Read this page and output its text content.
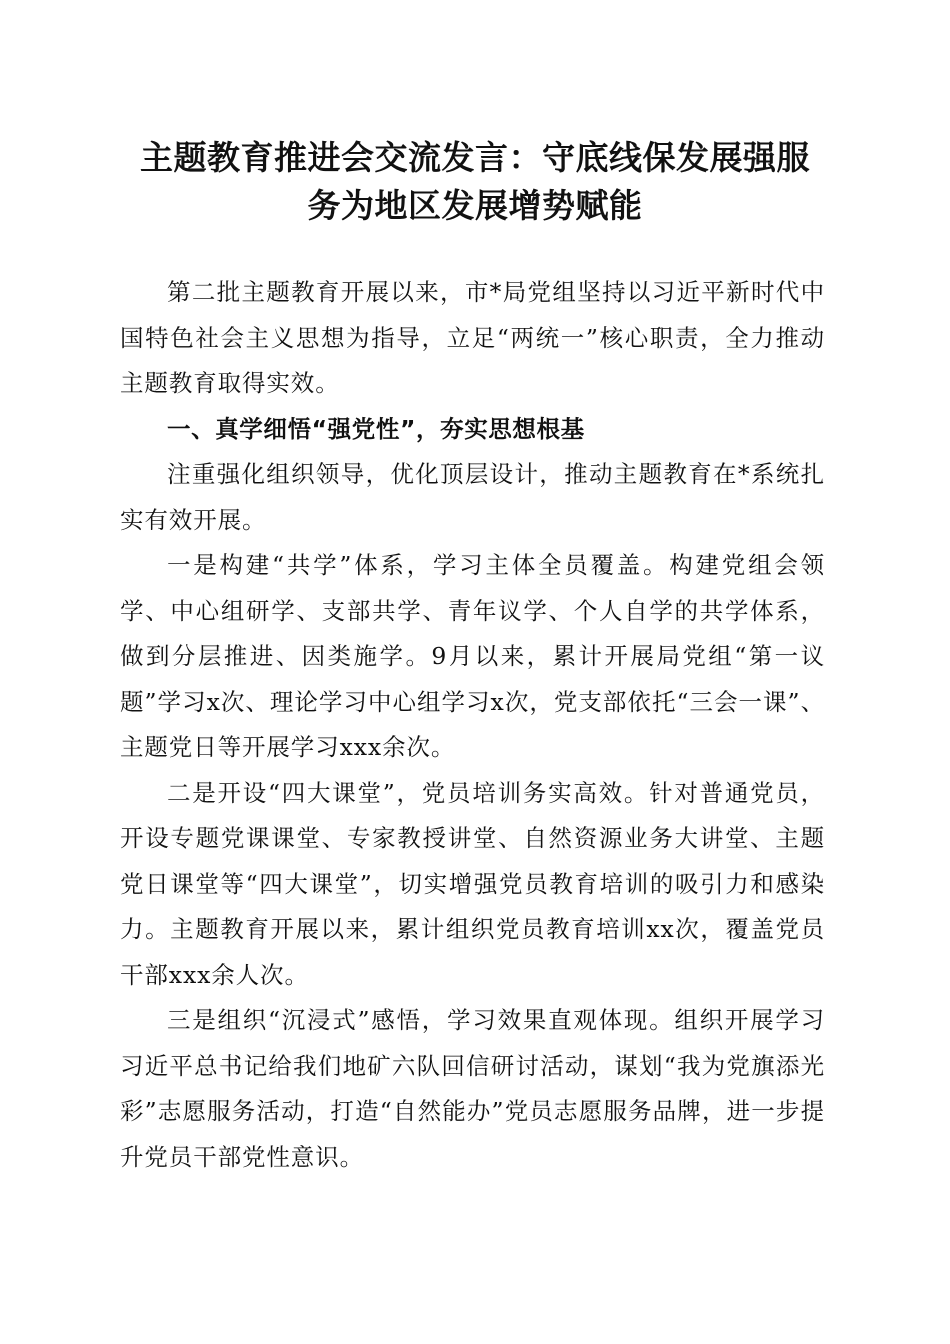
主题教育推进会交流发言：守底线保发展强服
务为地区发展增势赋能

第二批主题教育开展以来，市*局党组坚持以习近平新时代中国特色社会主义思想为指导，立足“两统一”核心职责，全力推动主题教育取得实效。

一、真学细悟“强党性”，夯实思想根基

注重强化组织领导，优化顶层设计，推动主题教育在*系统扎实有效开展。

一是构建“共学”体系，学习主体全员覆盖。构建党组会领学、中心组研学、支部共学、青年议学、个人自学的共学体系，做到分层推进、因类施学。9月以来，累计开展局党组“第一议题”学习x次、理论学习中心组学习x次，党支部依托“三会一课”、主题党日等开展学习xxx余次。

二是开设“四大课堂”，党员培训务实高效。针对普通党员，开设专题党课课堂、专家教授讲堂、自然资源业务大讲堂、主题党日课堂等“四大课堂”，切实增强党员教育培训的吸引力和感染力。主题教育开展以来，累计组织党员教育培训xx次，覆盖党员干部xxx余人次。

三是组织“沉浸式”感悟，学习效果直观体现。组织开展学习习近平总书记给我们地矿六队回信研讨活动，谋划“我为党旗添光彩”志愿服务活动，打造“自然能办”党员志愿服务品牌，进一步提升党员干部党性意识。
